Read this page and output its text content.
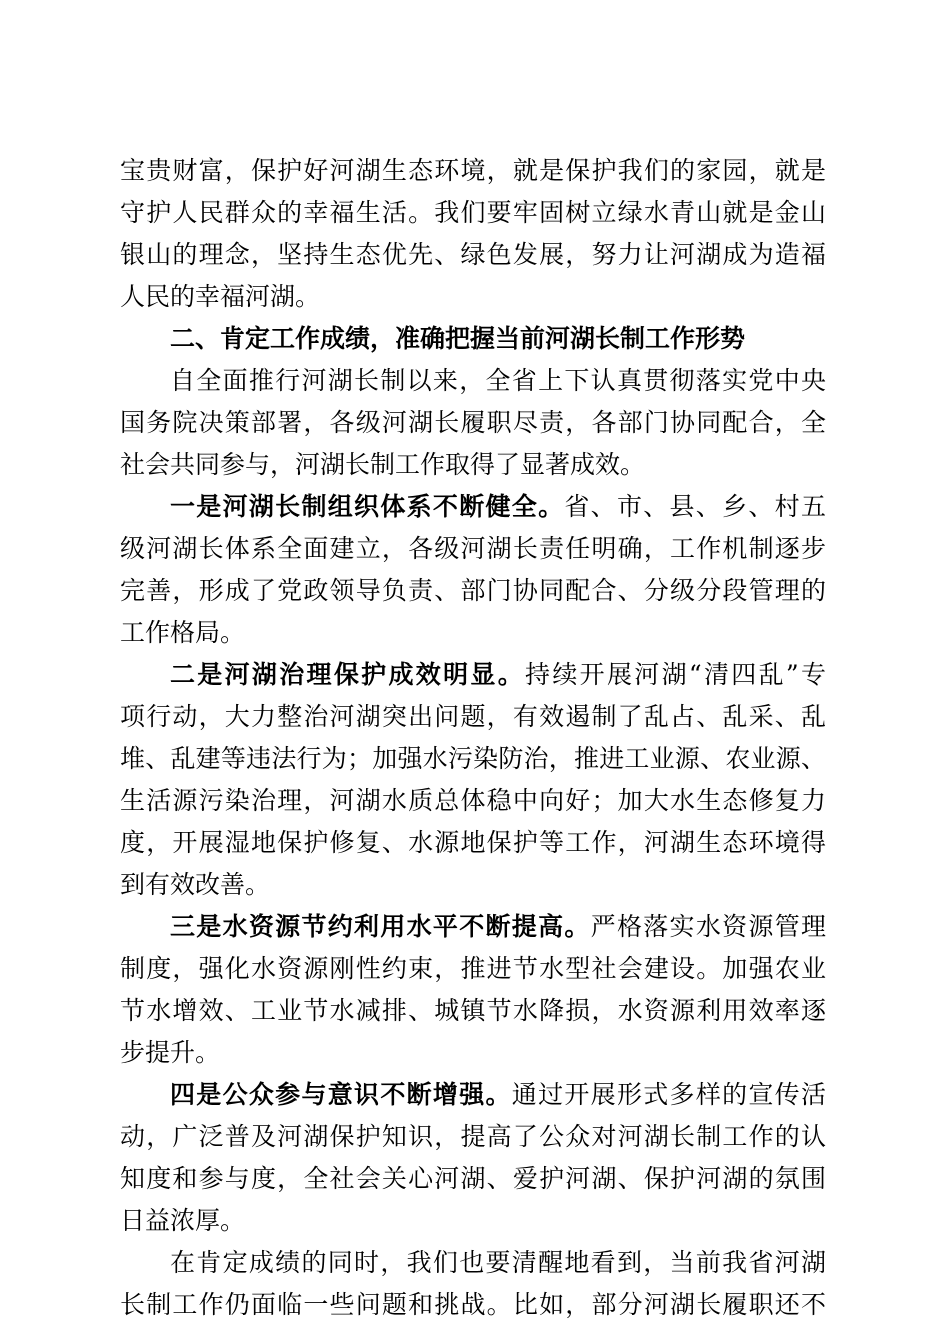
宝贵财富，保护好河湖生态环境，就是保护我们的家园，就是
守护人民群众的幸福生活。我们要牢固树立绿水青山就是金山
银山的理念，坚持生态优先、绿色发展，努力让河湖成为造福
人民的幸福河湖。
二、肯定工作成绩，准确把握当前河湖长制工作形势
自全面推行河湖长制以来，全省上下认真贯彻落实党中央
国务院决策部署，各级河湖长履职尽责，各部门协同配合，全
社会共同参与，河湖长制工作取得了显著成效。
一是河湖长制组织体系不断健全。省、市、县、乡、村五
级河湖长体系全面建立，各级河湖长责任明确，工作机制逐步
完善，形成了党政领导负责、部门协同配合、分级分段管理的
工作格局。
二是河湖治理保护成效明显。持续开展河湖“清四乱”专
项行动，大力整治河湖突出问题，有效遏制了乱占、乱采、乱
堆、乱建等违法行为；加强水污染防治，推进工业源、农业源、
生活源污染治理，河湖水质总体稳中向好；加大水生态修复力
度，开展湿地保护修复、水源地保护等工作，河湖生态环境得
到有效改善。
三是水资源节约利用水平不断提高。严格落实水资源管理
制度，强化水资源刚性约束，推进节水型社会建设。加强农业
节水增效、工业节水减排、城镇节水降损，水资源利用效率逐
步提升。
四是公众参与意识不断增强。通过开展形式多样的宣传活
动，广泛普及河湖保护知识，提高了公众对河湖长制工作的认
知度和参与度，全社会关心河湖、爱护河湖、保护河湖的氛围
日益浓厚。
在肯定成绩的同时，我们也要清醒地看到，当前我省河湖
长制工作仍面临一些问题和挑战。比如，部分河湖长履职还不
